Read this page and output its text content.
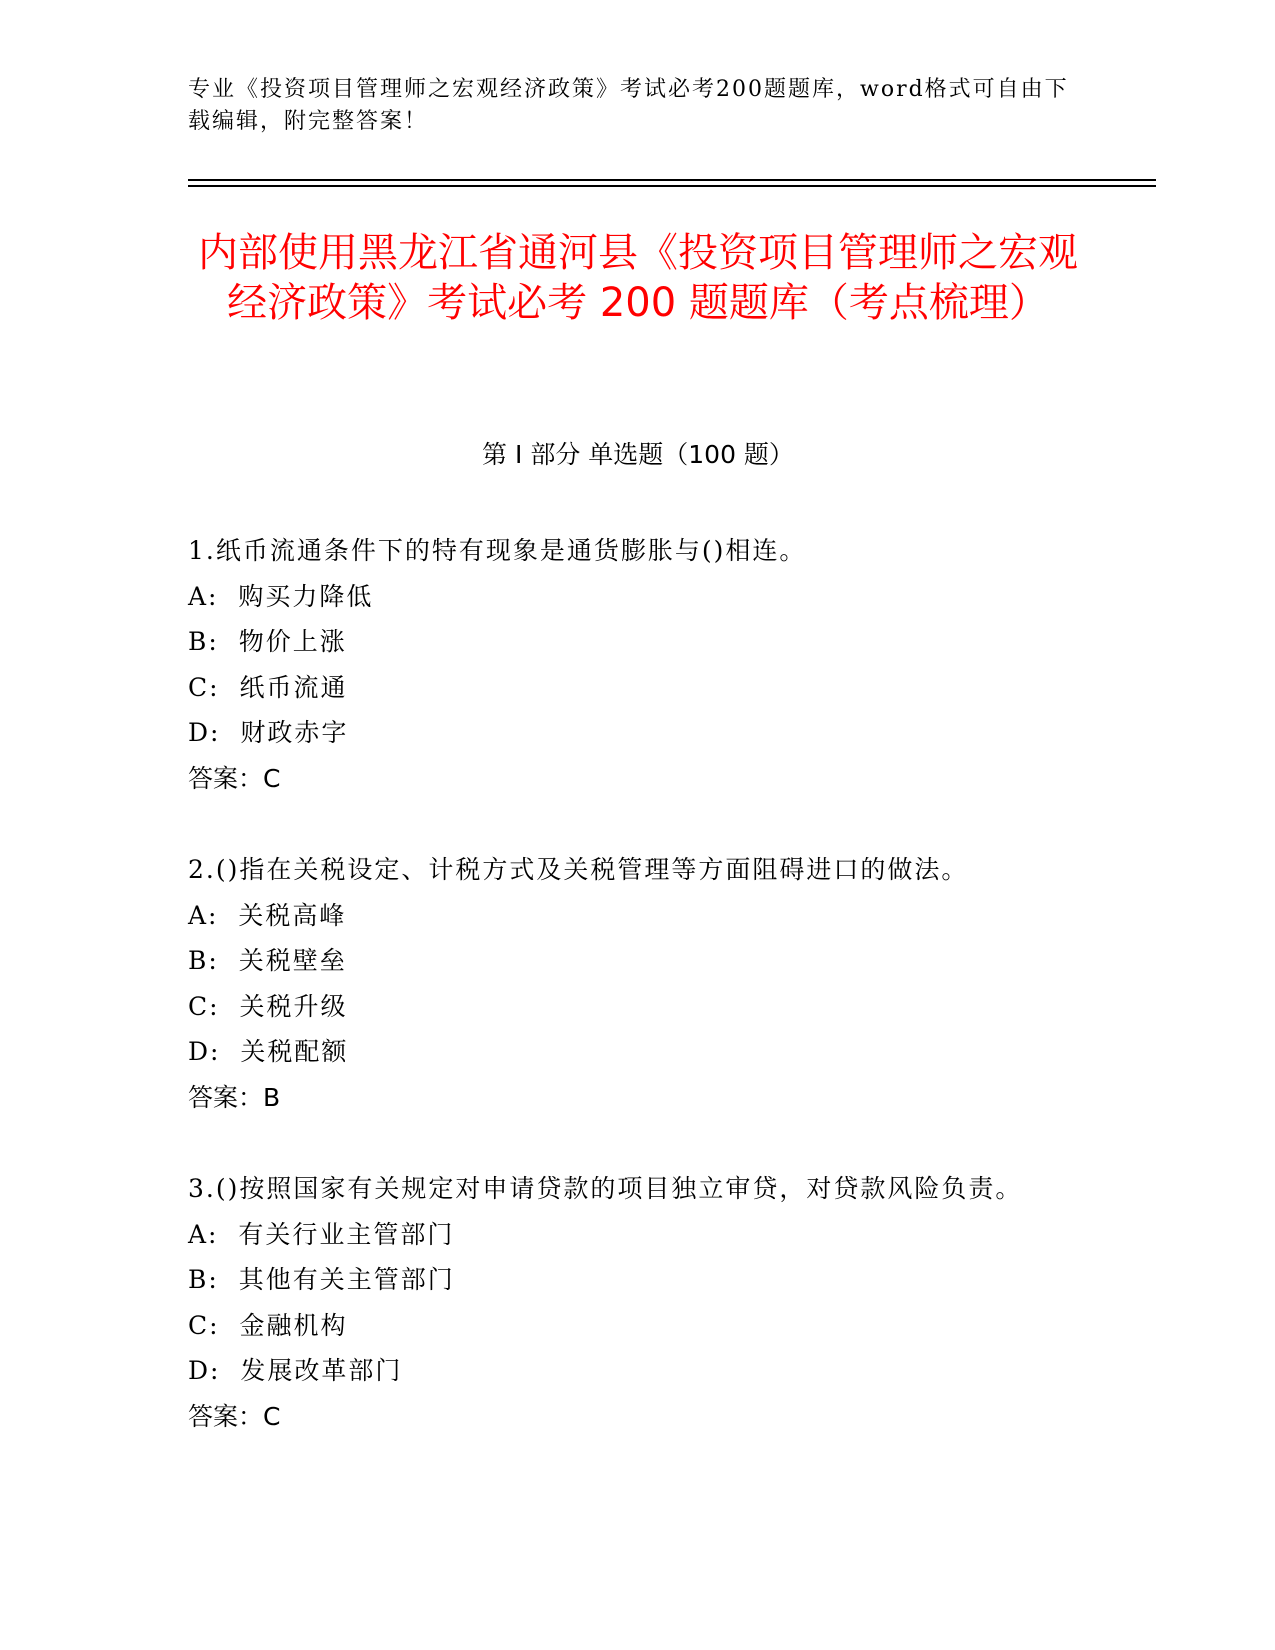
专业《投资项目管理师之宏观经济政策》考试必考200题题库，word格式可自由下载编辑，附完整答案！
内部使用黑龙江省通河县《投资项目管理师之宏观经济政策》考试必考 200 题题库（考点梳理）
第 I 部分 单选题（100 题）
1.纸币流通条件下的特有现象是通货膨胀与()相连。
A:  购买力降低
B:  物价上涨
C:  纸币流通
D:  财政赤字
答案：C
2.()指在关税设定、计税方式及关税管理等方面阻碍进口的做法。
A:  关税高峰
B:  关税壁垒
C:  关税升级
D:  关税配额
答案：B
3.()按照国家有关规定对申请贷款的项目独立审贷，对贷款风险负责。
A:  有关行业主管部门
B:  其他有关主管部门
C:  金融机构
D:  发展改革部门
答案：C
